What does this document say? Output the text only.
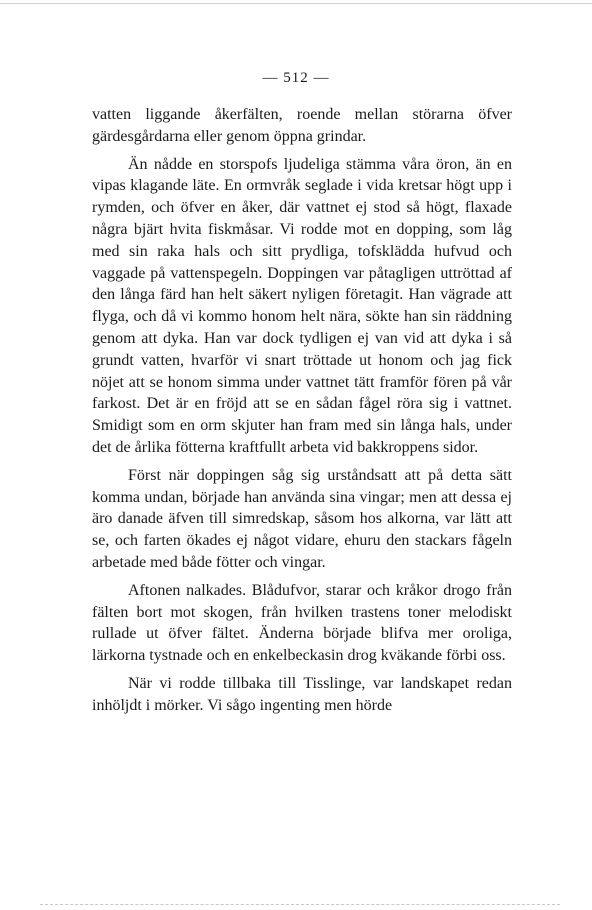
— 512 —

vatten liggande åkerfälten, roende mellan störarna öfver gärdesgårdarna eller genom öppna grindar.

Än nådde en storspofs ljudeliga stämma våra öron, än en vipas klagande läte. En ormvråk seglade i vida kretsar högt upp i rymden, och öfver en åker, där vattnet ej stod så högt, flaxade några bjärt hvita fiskmåsar. Vi rodde mot en dopping, som låg med sin raka hals och sitt prydliga, tofsklädda hufvud och vaggade på vattenspegeln. Doppingen var påtagligen uttröttad af den långa färd han helt säkert nyligen företagit. Han vägrade att flyga, och då vi kommo honom helt nära, sökte han sin räddning genom att dyka. Han var dock tydligen ej van vid att dyka i så grundt vatten, hvarför vi snart tröttade ut honom och jag fick nöjet att se honom simma under vattnet tätt framför fören på vår farkost. Det är en fröjd att se en sådan fågel röra sig i vattnet. Smidigt som en orm skjuter han fram med sin långa hals, under det de årlika fötterna kraftfullt arbeta vid bakkroppens sidor.

Först när doppingen såg sig urståndsatt att på detta sätt komma undan, började han använda sina vingar; men att dessa ej äro danade äfven till simredskap, såsom hos alkorna, var lätt att se, och farten ökades ej något vidare, ehuru den stackars fågeln arbetade med både fötter och vingar.

Aftonen nalkades. Blådufvor, starar och kråkor drogo från fälten bort mot skogen, från hvilken trastens toner melodiskt rullade ut öfver fältet. Änderna började blifva mer oroliga, lärkorna tystnade och en enkelbeckasin drog kväkande förbi oss.

När vi rodde tillbaka till Tisslinge, var landskapet redan inhöljdt i mörker. Vi sågo ingenting men hörde
